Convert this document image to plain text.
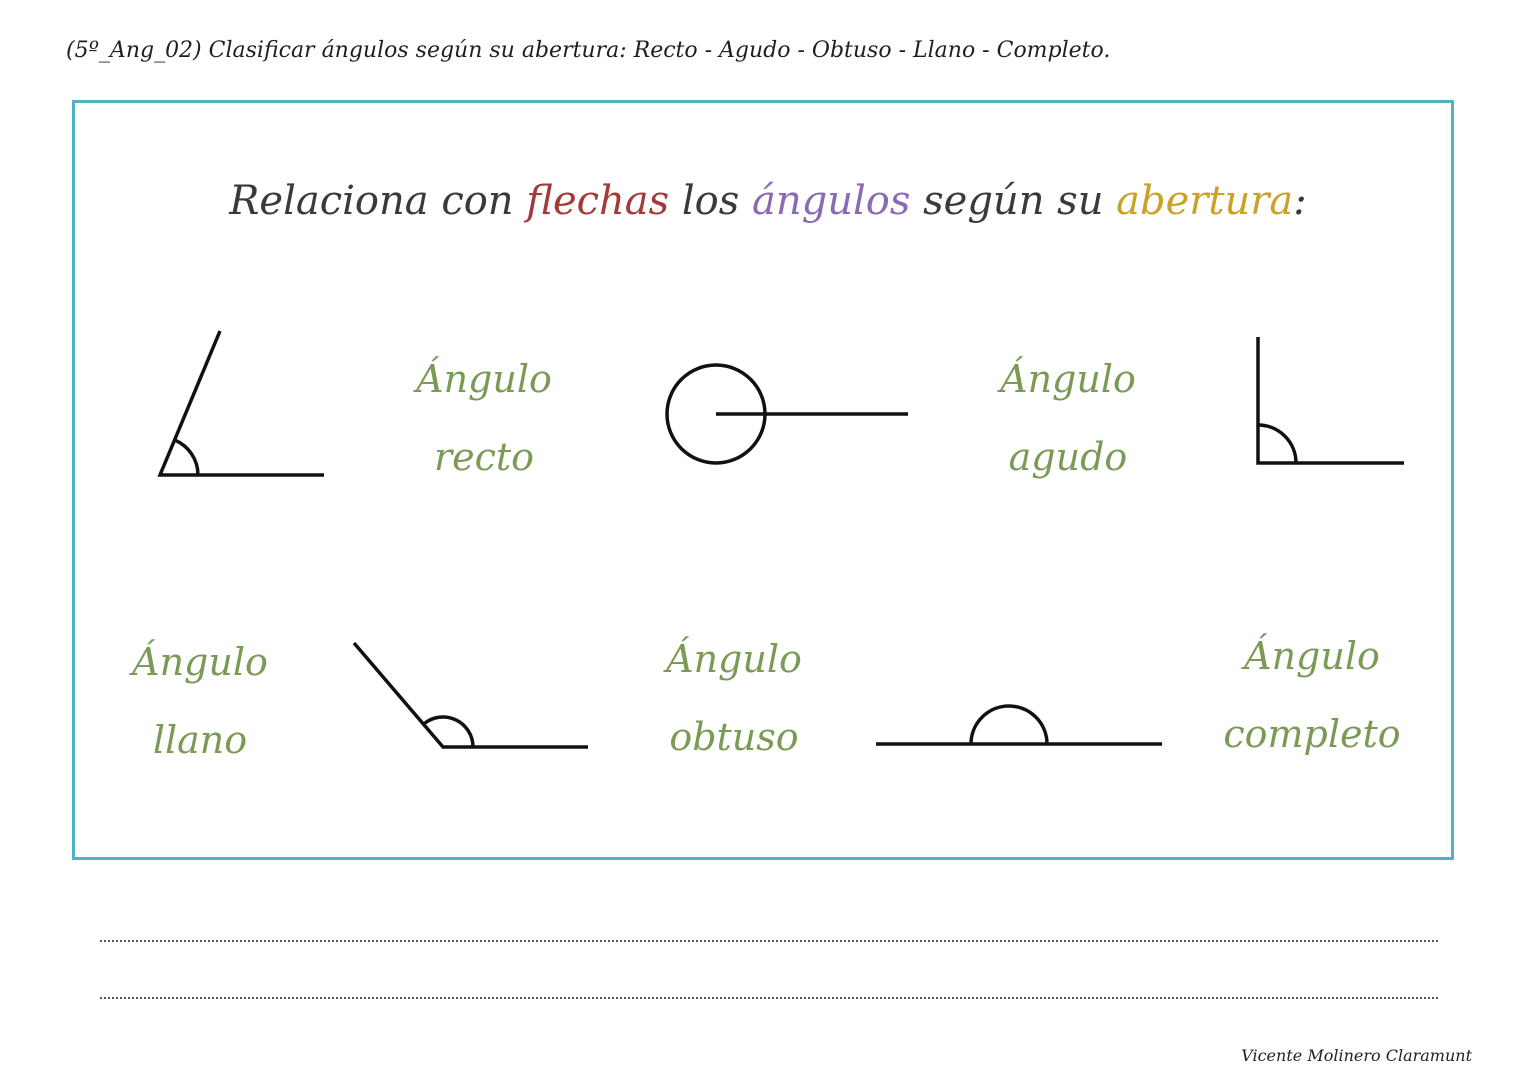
(5º_Ang_02) Clasificar ángulos según su abertura: Recto - Agudo - Obtuso - Llano - Completo.
Relaciona con flechas los ángulos según su abertura:
Ángulo
recto
Ángulo
agudo
Ángulo
llano
Ángulo
obtuso
Ángulo
completo
Vicente Molinero Claramunt
